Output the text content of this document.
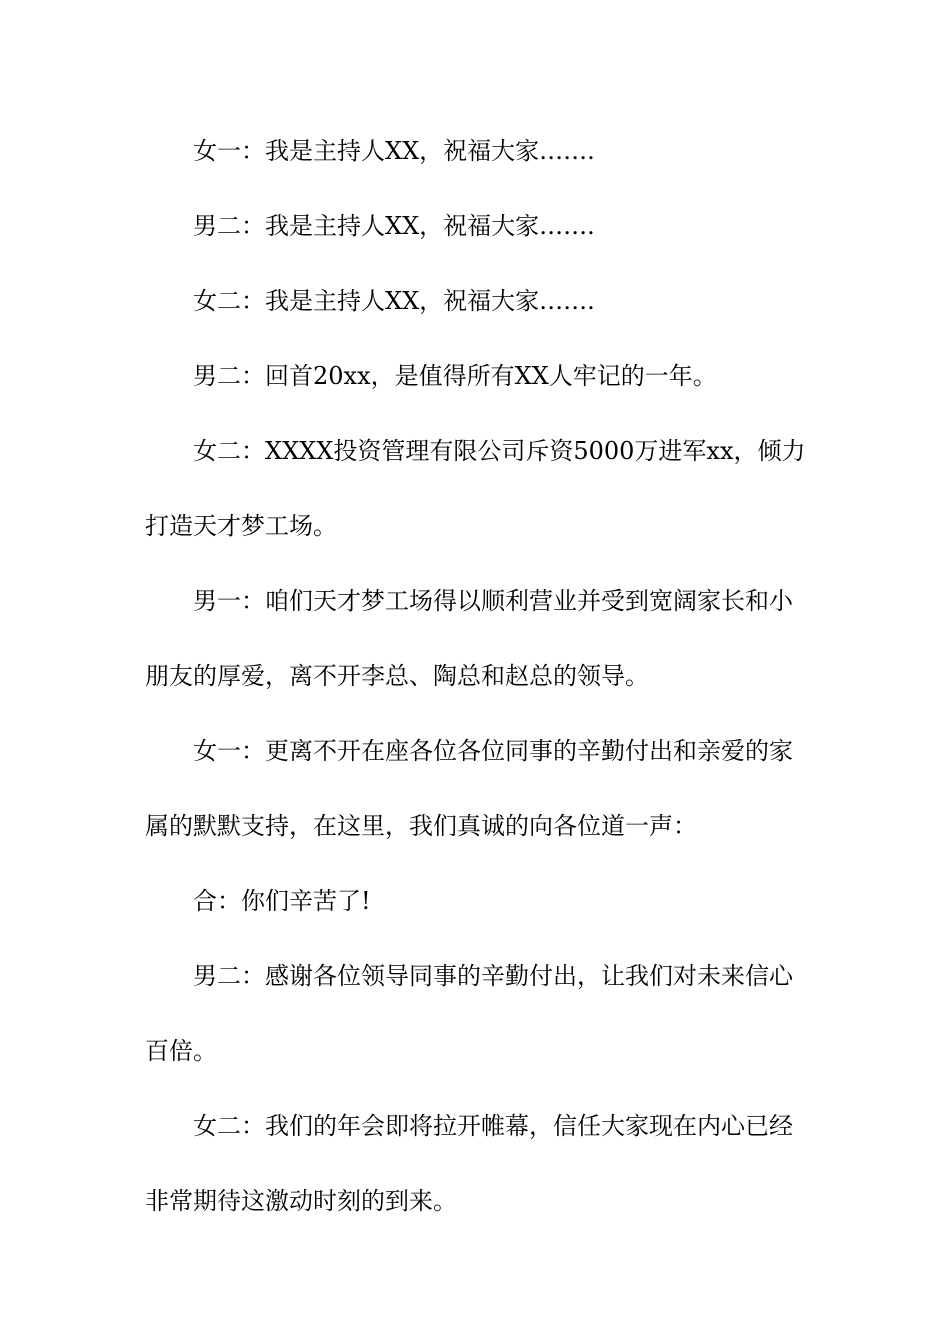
女一：我是主持人XX，祝福大家…….

男二：我是主持人XX，祝福大家…….

女二：我是主持人XX，祝福大家…….

男二：回首20xx，是值得所有XX人牢记的一年。

女二：XXXX投资管理有限公司斥资5000万进军xx，倾力打造天才梦工场。

男一：咱们天才梦工场得以顺利营业并受到宽阔家长和小朋友的厚爱，离不开李总、陶总和赵总的领导。

女一：更离不开在座各位各位同事的辛勤付出和亲爱的家属的默默支持，在这里，我们真诚的向各位道一声：

合：你们辛苦了!

男二：感谢各位领导同事的辛勤付出，让我们对未来信心百倍。

女二：我们的年会即将拉开帷幕，信任大家现在内心已经非常期待这激动时刻的到来。
